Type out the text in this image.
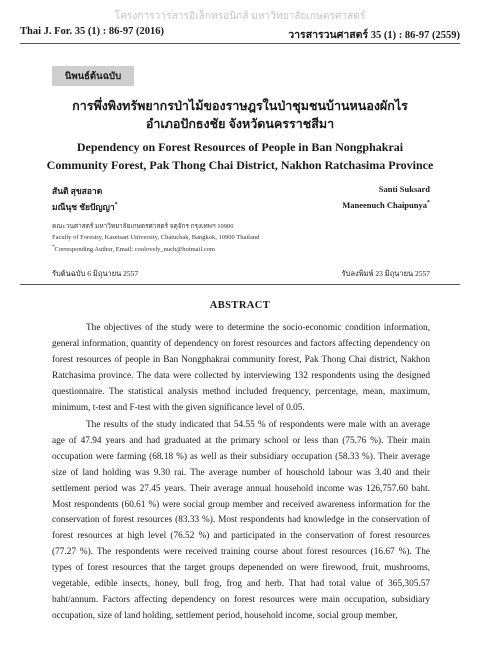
โครงการวารสารอิเล็กทรอนิกส์ มหาวิทยาลัยเกษตรศาสตร์
Thai J. For. 35 (1) : 86-97 (2016)	วารสารวนศาสตร์ 35 (1) : 86-97 (2559)
นิพนธ์ต้นฉบับ
การพึ่งพิงทรัพยากรป่าไม้ของราษฎรในป่าชุมชนบ้านหนองผักไร
อำเภอปักธงชัย จังหวัดนครราชสีมา
Dependency on Forest Resources of People in Ban Nongphakrai
Community Forest, Pak Thong Chai District, Nakhon Ratchasima Province
สันติ สุขสอาด	Santi Suksard
มณีนุช ชัยปัญญา*	Maneenuch Chaipunya*
คณะวนศาสตร์ มหาวิทยาลัยเกษตรศาสตร์ จตุจักร กรุงเทพฯ 10900
Faculty of Forestry, Kasetsart University, Chatuchak, Bangkok, 10900 Thailand
*Corresponding Author, Email: coolovely_nuch@hotmail.com
รับต้นฉบับ 6 มิถุนายน 2557	รับลงพิมพ์ 23 มิถุนายน 2557
ABSTRACT

The objectives of the study were to determine the socio-economic condition information, general information, quantity of dependency on forest resources and factors affecting dependency on forest resources of people in Ban Nongphakrai community forest, Pak Thong Chai district, Nakhon Ratchasima province. The data were collected by interviewing 132 respondents using the designed questionnaire. The statistical analysis method included frequency, percentage, mean, maximum, minimum, t-test and F-test with the given significance level of 0.05.

The results of the study indicated that 54.55 % of respondents were male with an average age of 47.94 years and had graduated at the primary school or less than (75.76 %). Their main occupation were farming (68.18 %) as well as their subsidiary occupation (58.33 %). Their average size of land holding was 9.30 rai. The average number of houschold labour was 3.40 and their settlement period was 27.45 years. Their average annual household income was 126,757.60 baht. Most respondents (60.61 %) were social group member and received awareness information for the conservation of forest resources (83.33 %). Most respondents had knowledge in the conservation of forest resources at high level (76.52 %) and participated in the conservation of forest resources (77.27 %). The respondents were received training course about forest resources (16.67 %). The types of forest resources that the target groups depenended on were firewood, fruit, mushrooms, vegetable, edible insects, honey, bull frog, frog and herb. That had total value of 365,305.57 baht/annum. Factors affecting dependency on forest resources were main occupation, subsidiary occupation, size of land holding, settlement period, household income, social group member,
